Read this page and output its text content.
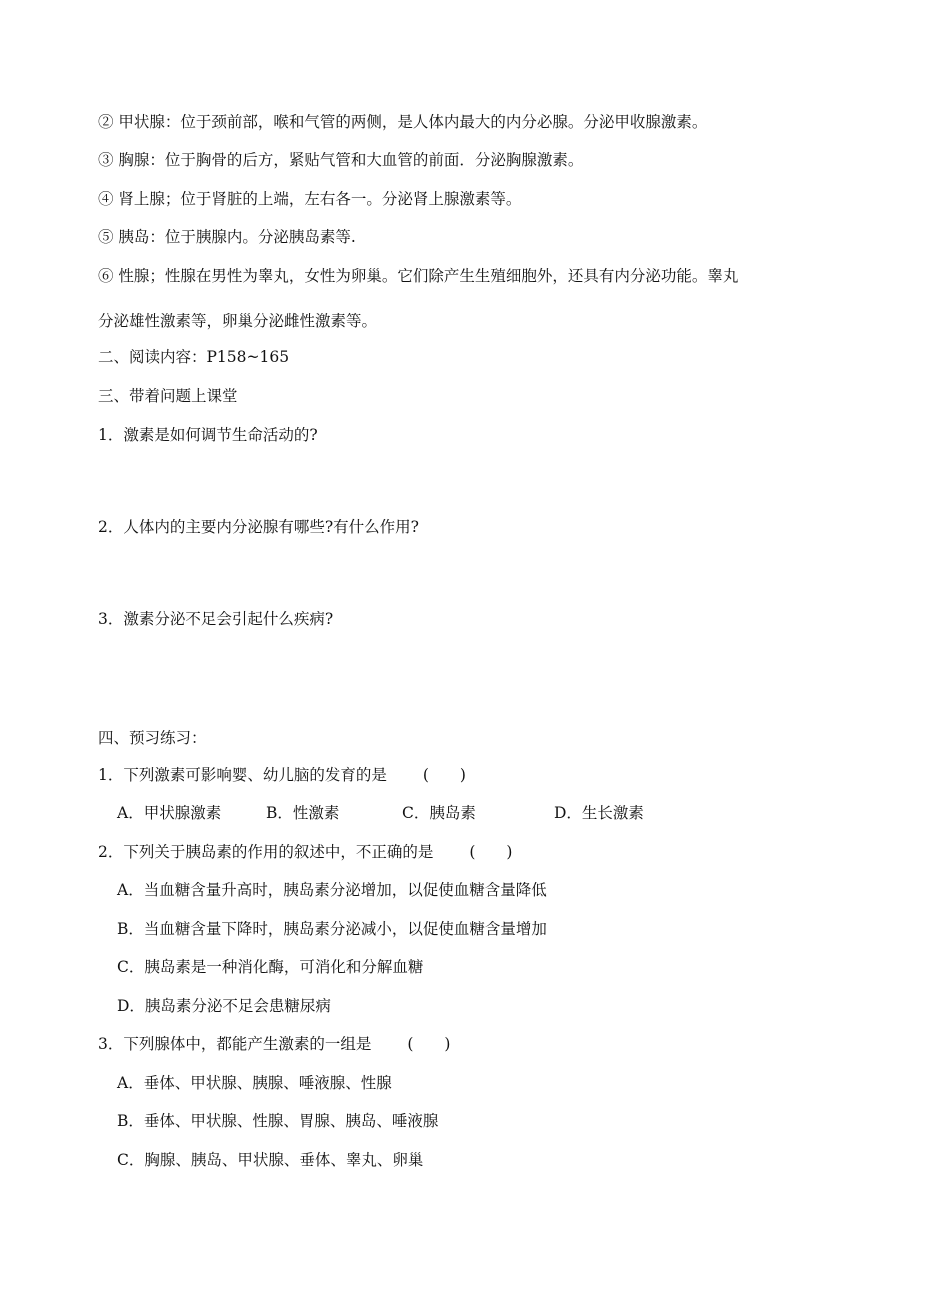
② 甲状腺：位于颈前部，喉和气管的两侧，是人体内最大的内分必腺。分泌甲收腺激素。
③ 胸腺：位于胸骨的后方，紧贴气管和大血管的前面．分泌胸腺激素。
④ 肾上腺；位于肾脏的上端，左右各一。分泌肾上腺激素等。
⑤ 胰岛：位于胰腺内。分泌胰岛素等.
⑥ 性腺；性腺在男性为睾丸，女性为卵巢。它们除产生生殖细胞外，还具有内分泌功能。睾丸
分泌雄性激素等，卵巢分泌雌性激素等。
二、阅读内容：P158~165
三、带着问题上课堂
1．激素是如何调节生命活动的?
2．人体内的主要内分泌腺有哪些?有什么作用?
3．激素分泌不足会引起什么疾病?
四、预习练习：
1．下列激素可影响婴、幼儿脑的发育的是 (　　)
A．甲状腺激素	B．性激素	C．胰岛素	D．生长激素
2．下列关于胰岛素的作用的叙述中，不正确的是 (　　)
A．当血糖含量升高时，胰岛素分泌增加，以促使血糖含量降低
B．当血糖含量下降时，胰岛素分泌减小，以促使血糖含量增加
C．胰岛素是一种消化酶，可消化和分解血糖
D．胰岛素分泌不足会患糖尿病
3．下列腺体中，都能产生激素的一组是 (　　)
A．垂体、甲状腺、胰腺、唾液腺、性腺
B．垂体、甲状腺、性腺、胃腺、胰岛、唾液腺
C．胸腺、胰岛、甲状腺、垂体、睾丸、卵巢
